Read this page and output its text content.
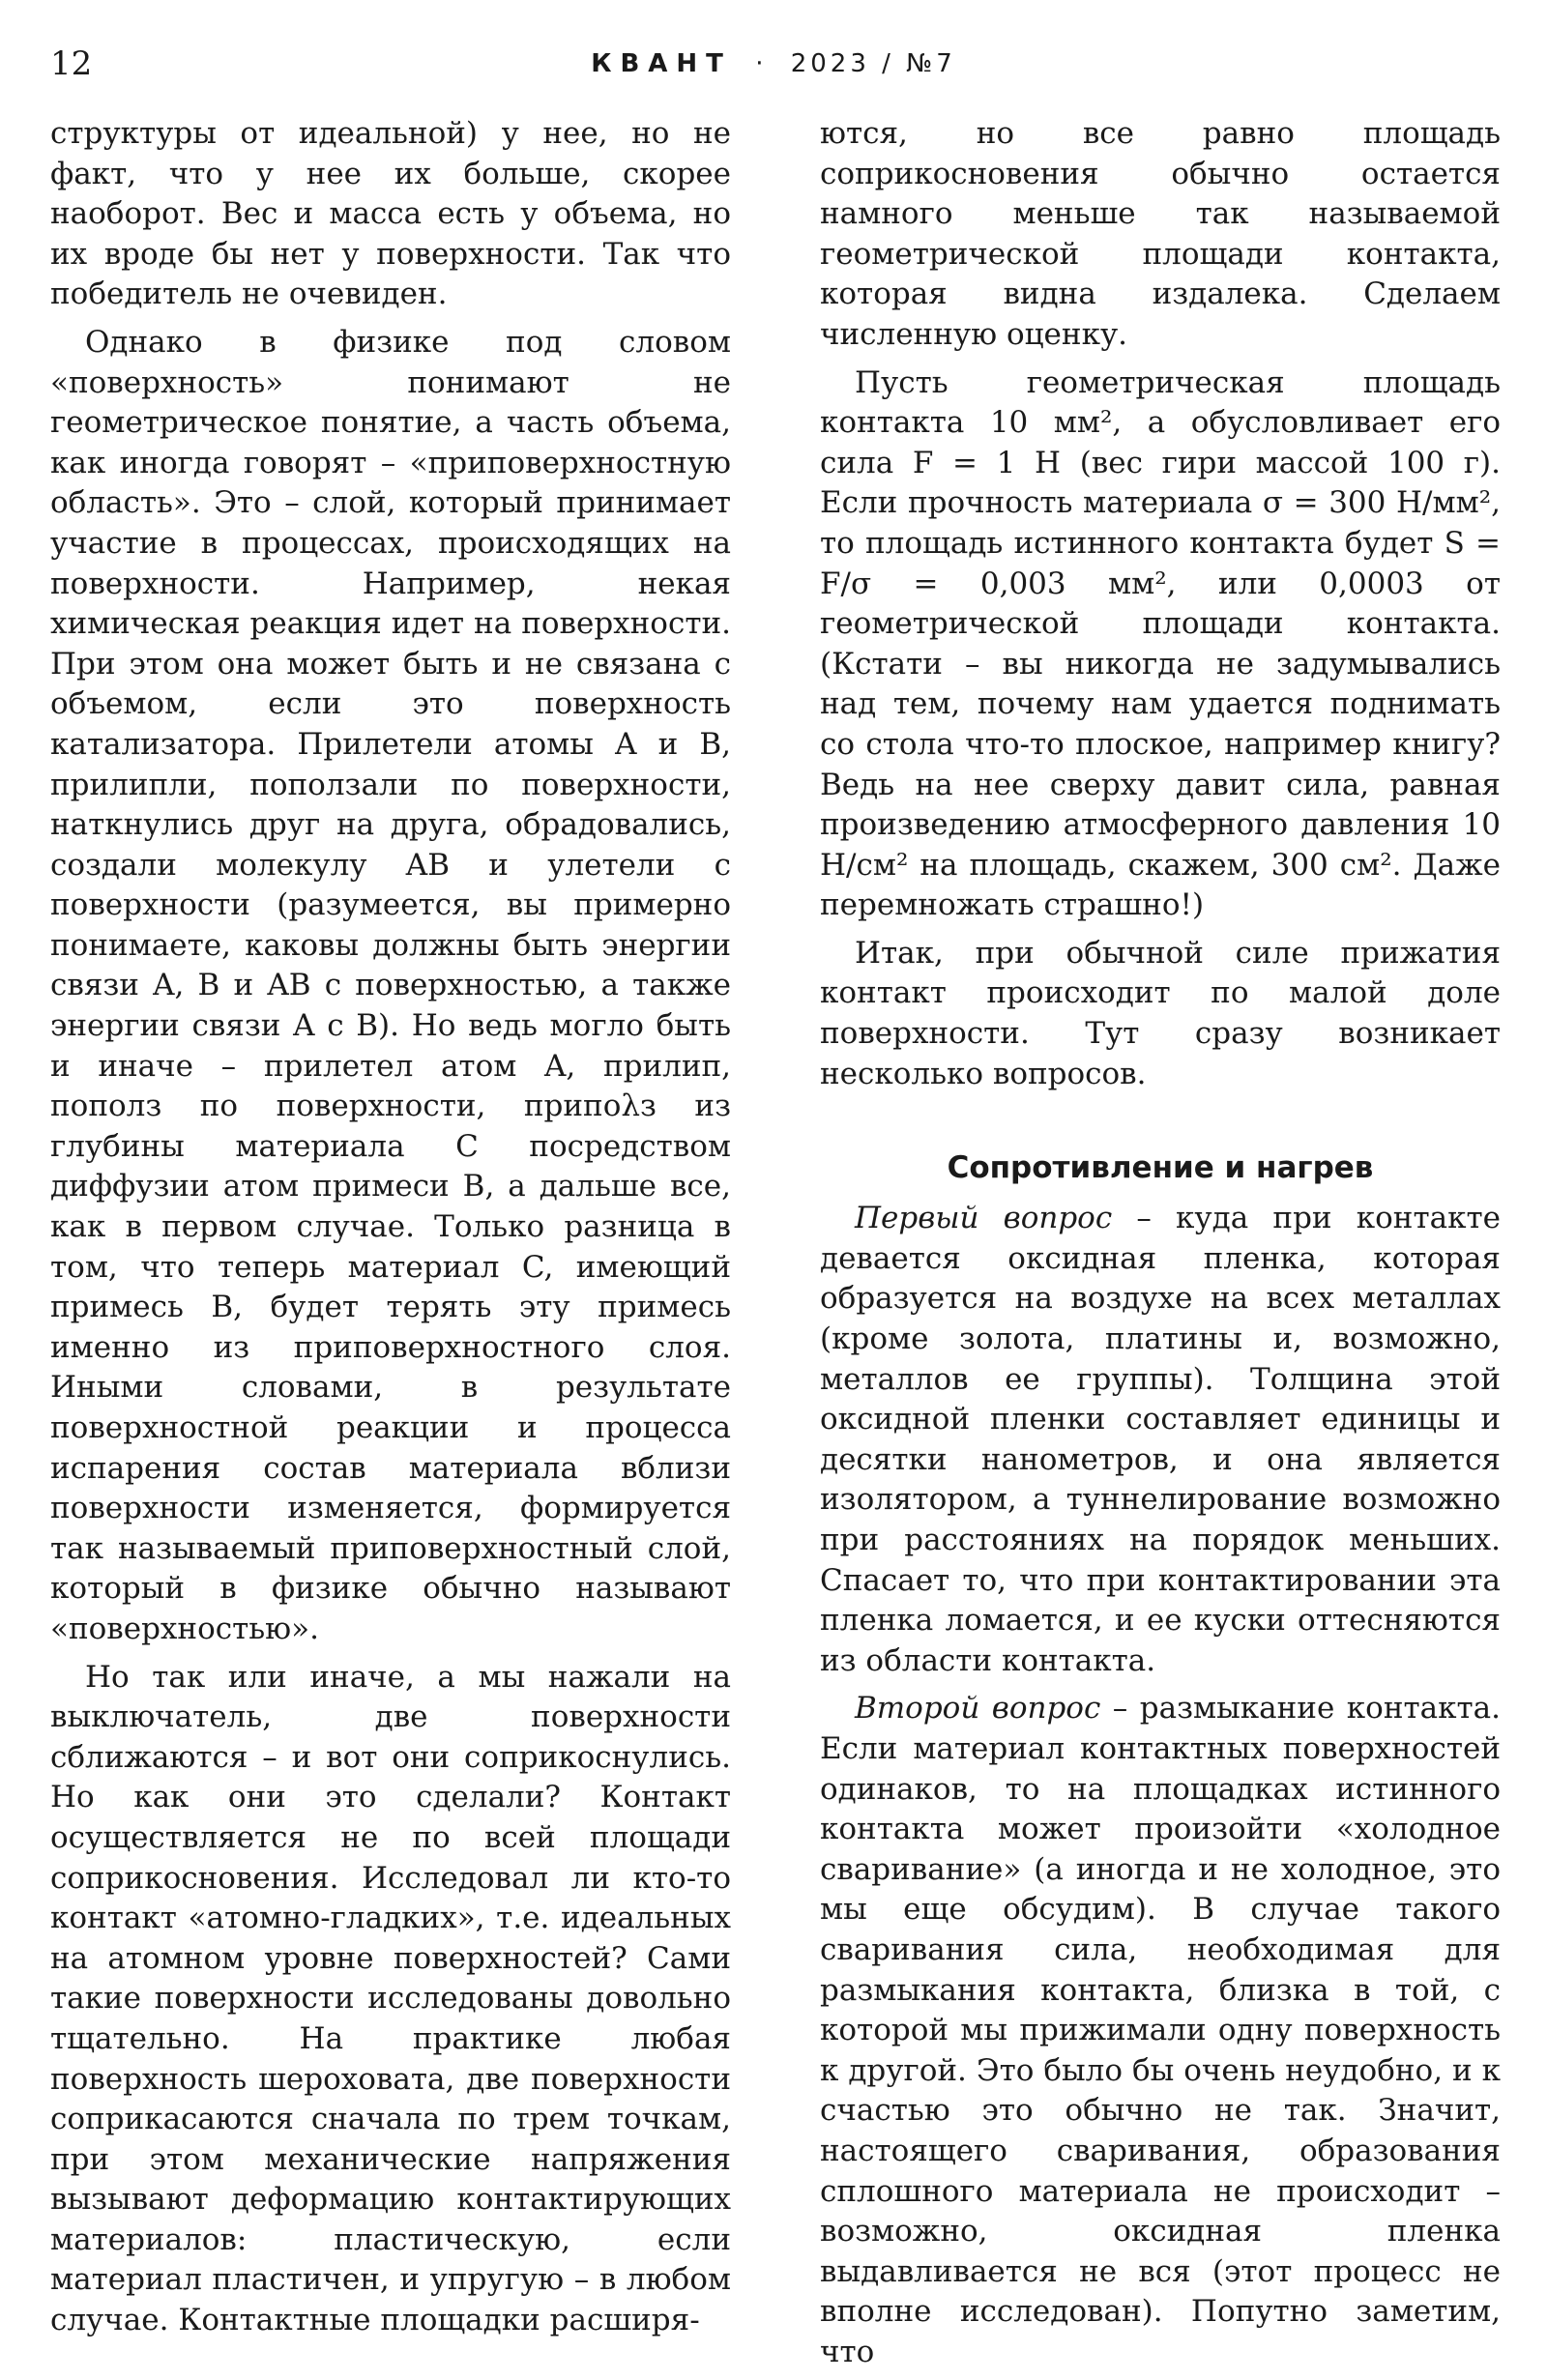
12	КВАНТ · 2023 / №7

структуры от идеальной) у нее, но не факт, что у нее их больше, скорее наоборот. Вес и масса есть у объема, но их вроде бы нет у поверхности. Так что победитель не очевиден.

Однако в физике под словом «поверхность» понимают не геометрическое понятие, а часть объема, как иногда говорят – «приповерхностную область». Это – слой, который принимает участие в процессах, происходящих на поверхности. Например, некая химическая реакция идет на поверхности. При этом она может быть и не связана с объемом, если это поверхность катализатора. Прилетели атомы A и B, прилипли, поползали по поверхности, наткнулись друг на друга, обрадовались, создали молекулу AB и улетели с поверхности (разумеется, вы примерно понимаете, каковы должны быть энергии связи A, B и AB с поверхностью, а также энергии связи A с B). Но ведь могло быть и иначе – прилетел атом A, прилип, пополз по поверхности, припολз из глубины материала C посредством диффузии атом примеси B, а дальше все, как в первом случае. Только разница в том, что теперь материал C, имеющий примесь B, будет терять эту примесь именно из приповерхностного слоя. Иными словами, в результате поверхностной реакции и процесса испарения состав материала вблизи поверхности изменяется, формируется так называемый приповерхностный слой, который в физике обычно называют «поверхностью».

Но так или иначе, а мы нажали на выключатель, две поверхности сближаются – и вот они соприкоснулись. Но как они это сделали? Контакт осуществляется не по всей площади соприкосновения. Исследовал ли кто-то контакт «атомно-гладких», т.е. идеальных на атомном уровне поверхностей? Сами такие поверхности исследованы довольно тщательно. На практике любая поверхность шероховата, две поверхности соприкасаются сначала по трем точкам, при этом механические напряжения вызывают деформацию контактирующих материалов: пластическую, если материал пластичен, и упругую – в любом случае. Контактные площадки расширя-

ются, но все равно площадь соприкосновения обычно остается намного меньше так называемой геометрической площади контакта, которая видна издалека. Сделаем численную оценку.

Пусть геометрическая площадь контакта 10 мм², а обусловливает его сила F = 1 Н (вес гири массой 100 г). Если прочность материала σ = 300 Н/мм², то площадь истинного контакта будет S = F/σ = 0,003 мм², или 0,0003 от геометрической площади контакта. (Кстати – вы никогда не задумывались над тем, почему нам удается поднимать со стола что-то плоское, например книгу? Ведь на нее сверху давит сила, равная произведению атмосферного давления 10 Н/см² на площадь, скажем, 300 см². Даже перемножать страшно!)

Итак, при обычной силе прижатия контакт происходит по малой доле поверхности. Тут сразу возникает несколько вопросов.

Сопротивление и нагрев

Первый вопрос – куда при контакте девается оксидная пленка, которая образуется на воздухе на всех металлах (кроме золота, платины и, возможно, металлов ее группы). Толщина этой оксидной пленки составляет единицы и десятки нанометров, и она является изолятором, а туннелирование возможно при расстояниях на порядок меньших. Спасает то, что при контактировании эта пленка ломается, и ее куски оттесняются из области контакта.

Второй вопрос – размыкание контакта. Если материал контактных поверхностей одинаков, то на площадках истинного контакта может произойти «холодное сваривание» (а иногда и не холодное, это мы еще обсудим). В случае такого сваривания сила, необходимая для размыкания контакта, близка в той, с которой мы прижимали одну поверхность к другой. Это было бы очень неудобно, и к счастью это обычно не так. Значит, настоящего сваривания, образования сплошного материала не происходит – возможно, оксидная пленка выдавливается не вся (этот процесс не вполне исследован). Попутно заметим, что
